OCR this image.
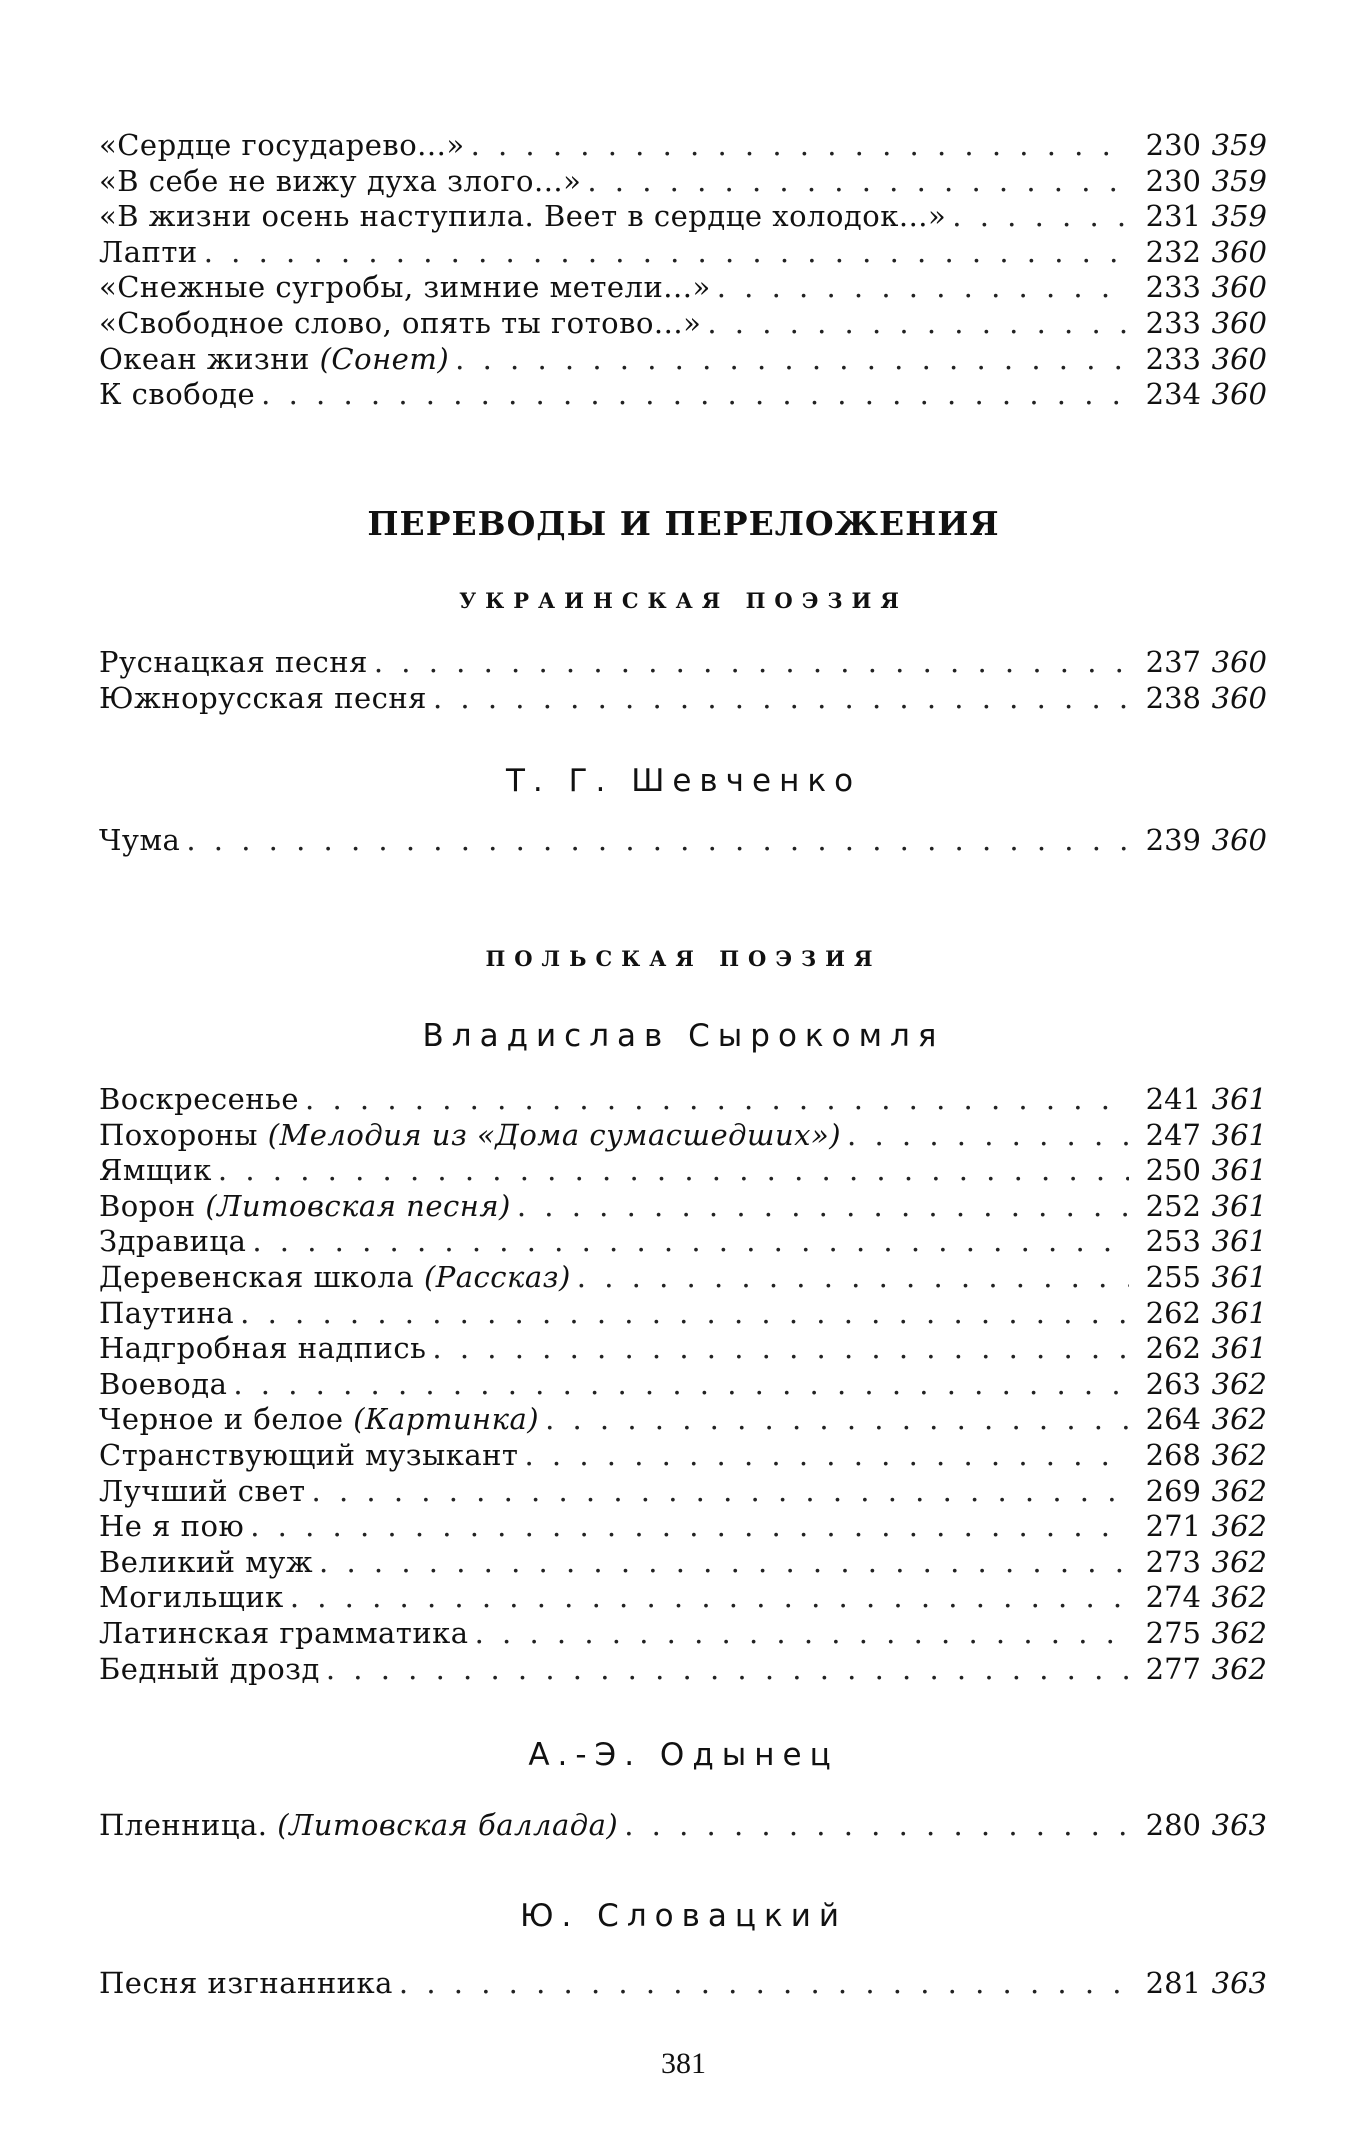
«Сердце государево...» . . .	230 359
«В себе не вижу духа злого...» . . .	230 359
«В жизни осень наступила. Веет в сердце холодок...» . . .	231 359
Лапти . . .	232 360
«Снежные сугробы, зимние метели...» . . .	233 360
«Свободное слово, опять ты готово...» . . .	233 360
Океан жизни (Сонет) . . .	233 360
К свободе . . .	234 360
ПЕРЕВОДЫ И ПЕРЕЛОЖЕНИЯ
УКРАИНСКАЯ ПОЭЗИЯ
Руснацкая песня . . .	237 360
Южнорусская песня . . .	238 360
Т. Г. Шевченко
Чума . . .	239 360
ПОЛЬСКАЯ ПОЭЗИЯ
Владислав Сырокомля
Воскресенье . . .	241 361
Похороны (Мелодия из «Дома сумасшедших») . . .	247 361
Ямщик . . .	250 361
Ворон (Литовская песня) . . .	252 361
Здравица . . .	253 361
Деревенская школа (Рассказ) . . .	255 361
Паутина . . .	262 361
Надгробная надпись . . .	262 361
Воевода . . .	263 362
Черное и белое (Картинка) . . .	264 362
Странствующий музыкант . . .	268 362
Лучший свет . . .	269 362
Не я пою . . .	271 362
Великий муж . . .	273 362
Могильщик . . .	274 362
Латинская грамматика . . .	275 362
Бедный дрозд . . .	277 362
А.-Э. Одынец
Пленница. (Литовская баллада) . . .	280 363
Ю. Словацкий
Песня изгнанника . . .	281 363
381
